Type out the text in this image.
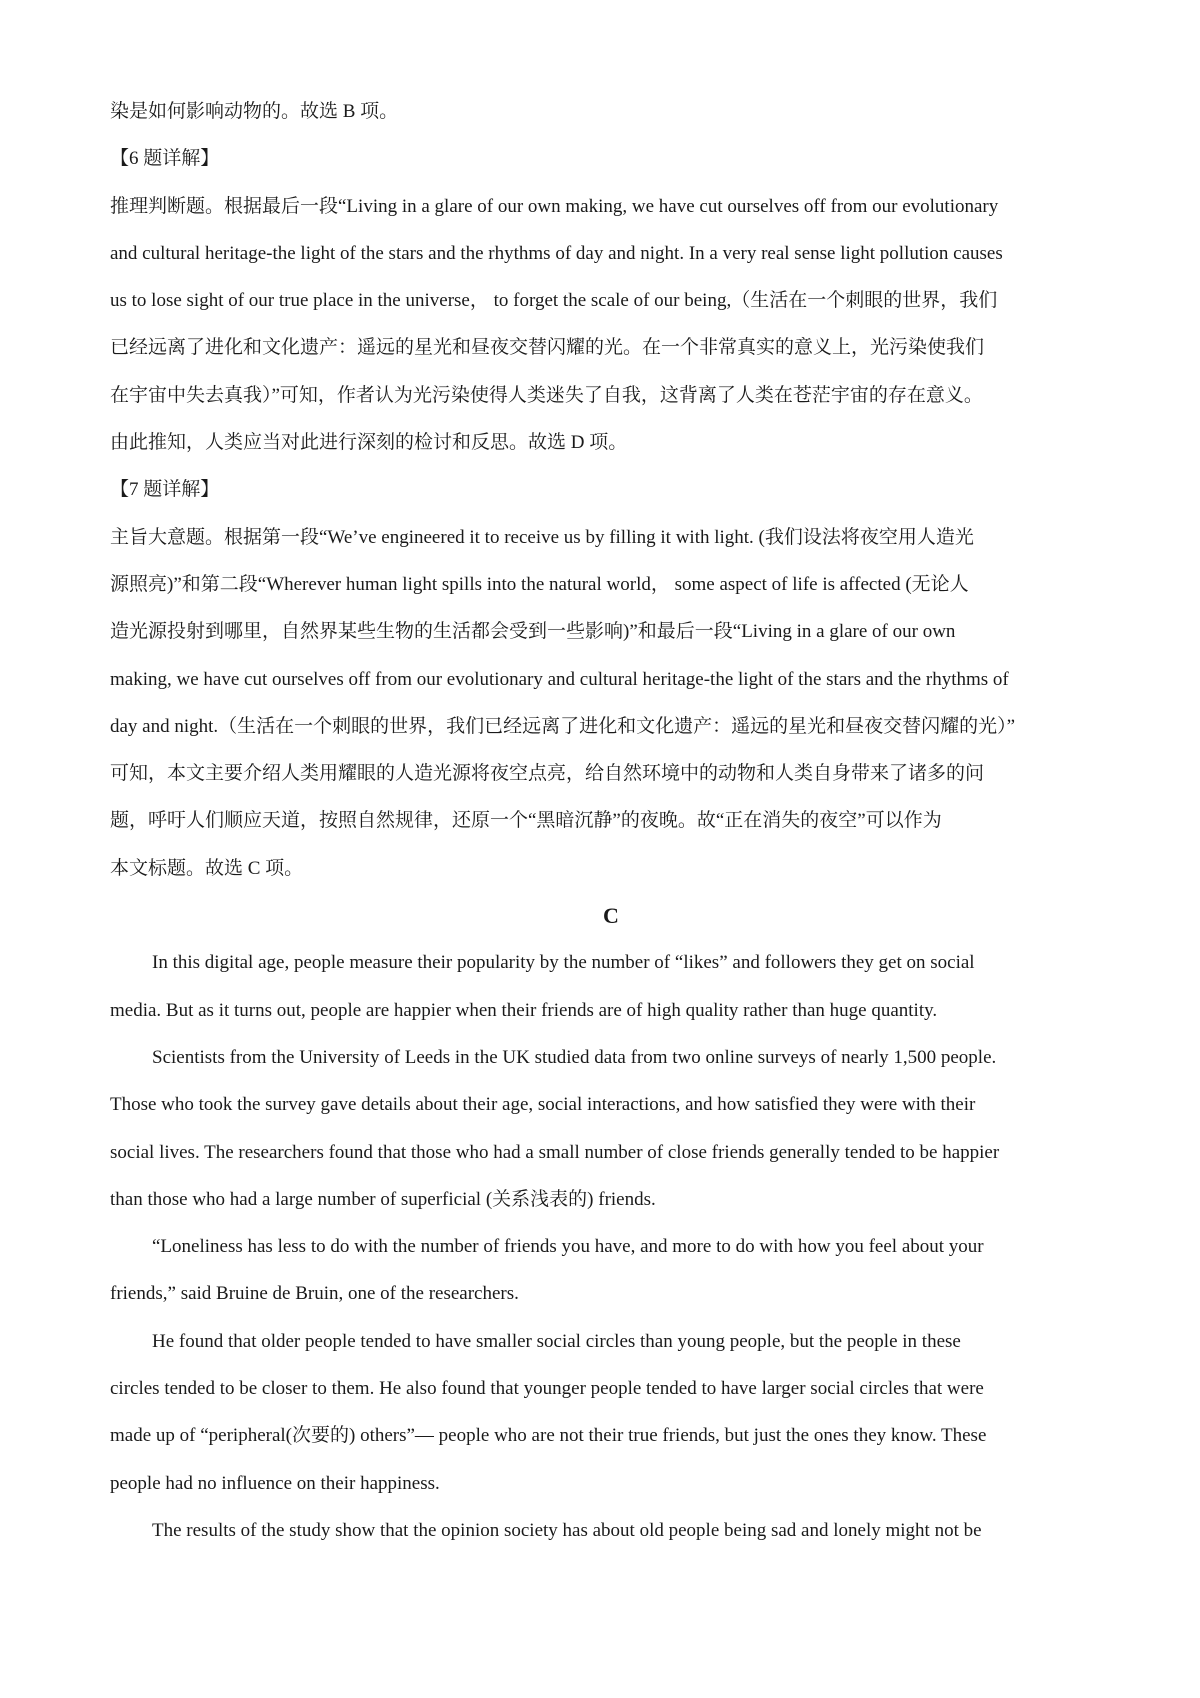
染是如何影响动物的。故选 B 项。
【6 题详解】
推理判断题。根据最后一段“Living in a glare of our own making, we have cut ourselves off from our evolutionary
and cultural heritage-the light of the stars and the rhythms of day and night. In a very real sense light pollution causes
us to lose sight of our true place in the universe， to forget the scale of our being,（生活在一个刺眼的世界，我们
已经远离了进化和文化遗产：遥远的星光和昼夜交替闪耀的光。在一个非常真实的意义上，光污染使我们
在宇宙中失去真我）”可知，作者认为光污染使得人类迷失了自我，这背离了人类在苍茫宇宙的存在意义。
由此推知，人类应当对此进行深刻的检讨和反思。故选 D 项。
【7 题详解】
主旨大意题。根据第一段“We’ve engineered it to receive us by filling it with light. (我们设法将夜空用人造光
源照亮)”和第二段“Wherever human light spills into the natural world， some aspect of life is affected (无论人
造光源投射到哪里，自然界某些生物的生活都会受到一些影响)”和最后一段“Living in a glare of our own
making, we have cut ourselves off from our evolutionary and cultural heritage-the light of the stars and the rhythms of
day and night.（生活在一个刺眼的世界，我们已经远离了进化和文化遗产：遥远的星光和昼夜交替闪耀的光）”
可知，本文主要介绍人类用耀眼的人造光源将夜空点亮，给自然环境中的动物和人类自身带来了诸多的问
题，呼吁人们顺应天道，按照自然规律，还原一个“黑暗沉静”的夜晚。故“正在消失的夜空”可以作为
本文标题。故选 C 项。
C
In this digital age, people measure their popularity by the number of “likes” and followers they get on social
media. But as it turns out, people are happier when their friends are of high quality rather than huge quantity.
Scientists from the University of Leeds in the UK studied data from two online surveys of nearly 1,500 people.
Those who took the survey gave details about their age, social interactions, and how satisfied they were with their
social lives. The researchers found that those who had a small number of close friends generally tended to be happier
than those who had a large number of superficial (关系浅表的) friends.
“Loneliness has less to do with the number of friends you have, and more to do with how you feel about your
friends,” said Bruine de Bruin, one of the researchers.
He found that older people tended to have smaller social circles than young people, but the people in these
circles tended to be closer to them. He also found that younger people tended to have larger social circles that were
made up of “peripheral(次要的) others”— people who are not their true friends, but just the ones they know. These
people had no influence on their happiness.
The results of the study show that the opinion society has about old people being sad and lonely might not be
